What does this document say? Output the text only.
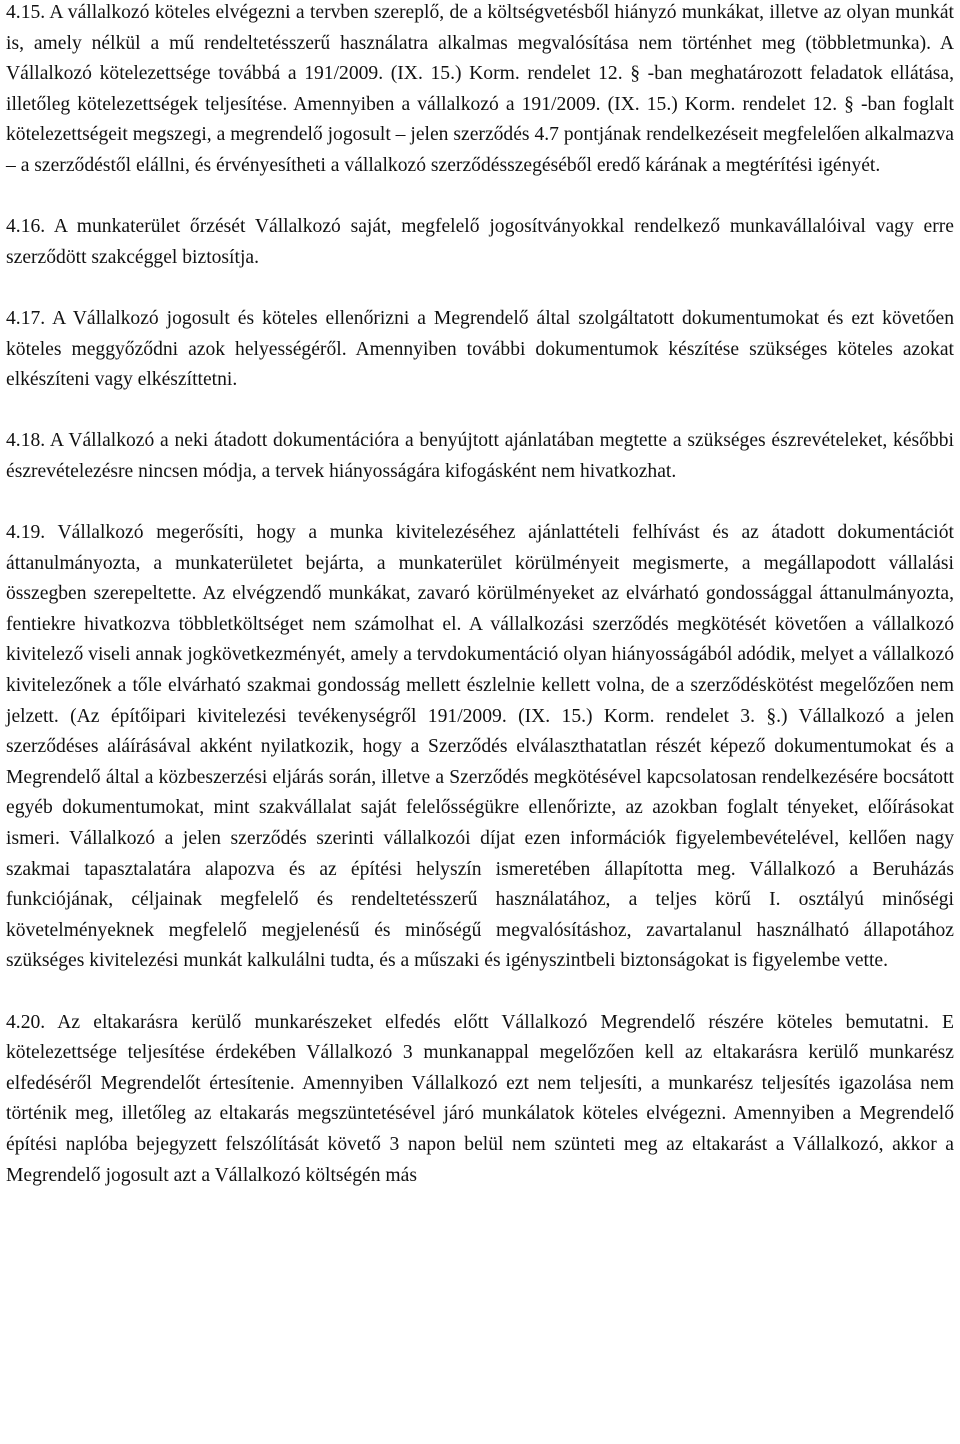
4.15. A vállalkozó köteles elvégezni a tervben szereplő, de a költségvetésből hiányzó munkákat, illetve az olyan munkát is, amely nélkül a mű rendeltetésszerű használatra alkalmas megvalósítása nem történhet meg (többletmunka). A Vállalkozó kötelezettsége továbbá a 191/2009. (IX. 15.) Korm. rendelet 12. § -ban meghatározott feladatok ellátása, illetőleg kötelezettségek teljesítése. Amennyiben a vállalkozó a 191/2009. (IX. 15.) Korm. rendelet 12. § -ban foglalt kötelezettségeit megszegi, a megrendelő jogosult – jelen szerződés 4.7 pontjának rendelkezéseit megfelelően alkalmazva – a szerződéstől elállni, és érvényesítheti a vállalkozó szerződésszegéséből eredő kárának a megtérítési igényét.

4.16. A munkaterület őrzését Vállalkozó saját, megfelelő jogosítványokkal rendelkező munkavállalóival vagy erre szerződött szakcéggel biztosítja.

4.17. A Vállalkozó jogosult és köteles ellenőrizni a Megrendelő által szolgáltatott dokumentumokat és ezt követően köteles meggyőződni azok helyességéről. Amennyiben további dokumentumok készítése szükséges köteles azokat elkészíteni vagy elkészíttetni.

4.18. A Vállalkozó a neki átadott dokumentációra a benyújtott ajánlatában megtette a szükséges észrevételeket, későbbi észrevételezésre nincsen módja, a tervek hiányosságára kifogásként nem hivatkozhat.

4.19. Vállalkozó megerősíti, hogy a munka kivitelezéséhez ajánlattételi felhívást és az átadott dokumentációt áttanulmányozta, a munkaterületet bejárta, a munkaterület körülményeit megismerte, a megállapodott vállalási összegben szerepeltette. Az elvégzendő munkákat, zavaró körülményeket az elvárható gondossággal áttanulmányozta, fentiekre hivatkozva többletköltséget nem számolhat el. A vállalkozási szerződés megkötését követően a vállalkozó kivitelező viseli annak jogkövetkezményét, amely a tervdokumentáció olyan hiányosságából adódik, melyet a vállalkozó kivitelezőnek a tőle elvárható szakmai gondosság mellett észlelnie kellett volna, de a szerződéskötést megelőzően nem jelzett. (Az építőipari kivitelezési tevékenységről 191/2009. (IX. 15.) Korm. rendelet 3. §.) Vállalkozó a jelen szerződéses aláírásával akként nyilatkozik, hogy a Szerződés elválaszthatatlan részét képező dokumentumokat és a Megrendelő által a közbeszerzési eljárás során, illetve a Szerződés megkötésével kapcsolatosan rendelkezésére bocsátott egyéb dokumentumokat, mint szakvállalat saját felelősségükre ellenőrizte, az azokban foglalt tényeket, előírásokat ismeri. Vállalkozó a jelen szerződés szerinti vállalkozói díjat ezen információk figyelembevételével, kellően nagy szakmai tapasztalatára alapozva és az építési helyszín ismeretében állapította meg. Vállalkozó a Beruházás funkciójának, céljainak megfelelő és rendeltetésszerű használatához, a teljes körű I. osztályú minőségi követelményeknek megfelelő megjelenésű és minőségű megvalósításhoz, zavartalanul használható állapotához szükséges kivitelezési munkát kalkulálni tudta, és a műszaki és igényszintbeli biztonságokat is figyelembe vette.

4.20. Az eltakarásra kerülő munkarészeket elfedés előtt Vállalkozó Megrendelő részére köteles bemutatni. E kötelezettsége teljesítése érdekében Vállalkozó 3 munkanappal megelőzően kell az eltakarásra kerülő munkarész elfedéséről Megrendelőt értesítenie. Amennyiben Vállalkozó ezt nem teljesíti, a munkarész teljesítés igazolása nem történik meg, illetőleg az eltakarás megszüntetésével járó munkálatok köteles elvégezni. Amennyiben a Megrendelő építési naplóba bejegyzett felszólítását követő 3 napon belül nem szünteti meg az eltakarást a Vállalkozó, akkor a Megrendelő jogosult azt a Vállalkozó költségén más
